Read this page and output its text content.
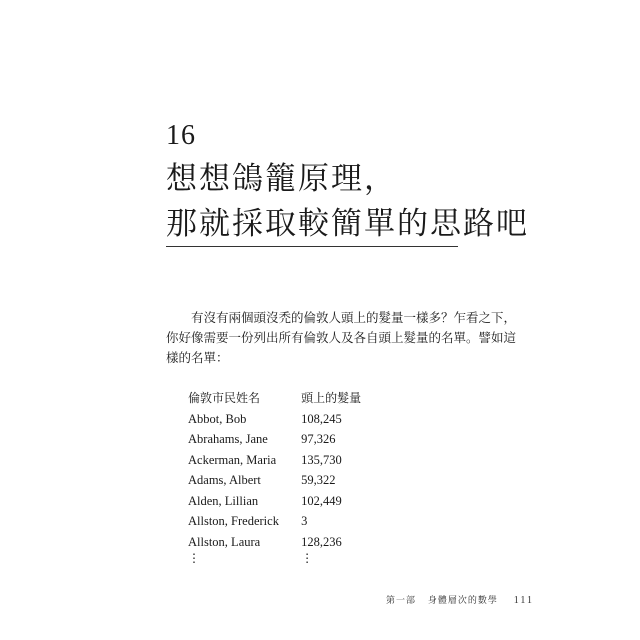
16
想想鴿籠原理，
那就採取較簡單的思路吧

有沒有兩個頭沒禿的倫敦人頭上的髮量一樣多？乍看之下，

你好像需要一份列出所有倫敦人及各自頭上髮量的名單。譬如這

樣的名單：

倫敦市民姓名	頭上的髮量
Abbot, Bob	108,245
Abrahams, Jane	97,326
Ackerman, Maria 135,730
Adams, Albert	59,322
Alden, Lillian	102,449
Allston, Frederick 3
Allston, Laura	128,236
⋮	⋮
第一部 身體層次的數學 111
